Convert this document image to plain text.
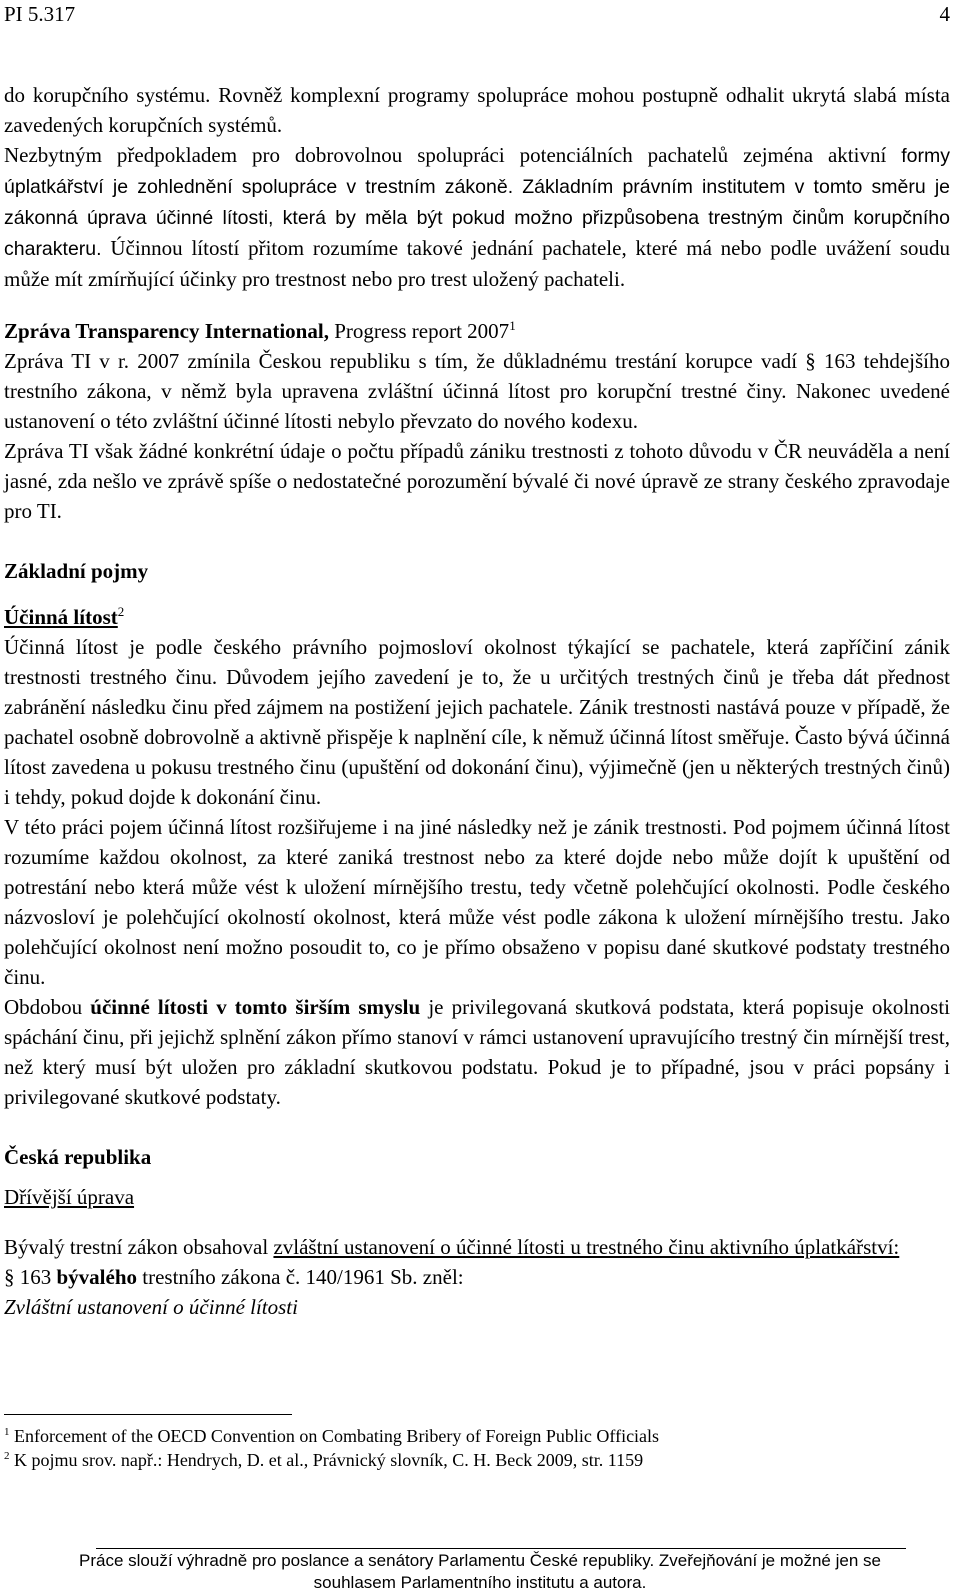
PI 5.317	4

do korupčního systému. Rovněž komplexní programy spolupráce mohou postupně odhalit ukrytá slabá místa zavedených korupčních systémů.
Nezbytným předpokladem pro dobrovolnou spolupráci potenciálních pachatelů zejména aktivní formy úplatkářství je zohlednění spolupráce v trestním zákoně. Základním právním institutem v tomto směru je zákonná úprava účinné lítosti, která by měla být pokud možno přizpůsobena trestným činům korupčního charakteru. Účinnou lítostí přitom rozumíme takové jednání pachatele, které má nebo podle uvážení soudu může mít zmírňující účinky pro trestnost nebo pro trest uložený pachateli.

Zpráva Transparency International, Progress report 2007$^1$

Zpráva TI v r. 2007 zmínila Českou republiku s tím, že důkladnému trestání korupce vadí § 163 tehdejšího trestního zákona, v němž byla upravena zvláštní účinná lítost pro korupční trestné činy. Nakonec uvedené ustanovení o této zvláštní účinné lítosti nebylo převzato do nového kodexu.

Zpráva TI však žádné konkrétní údaje o počtu případů zániku trestnosti z tohoto důvodu v ČR neuváděla a není jasné, zda nešlo ve zprávě spíše o nedostatečné porozumění bývalé či nové úpravě ze strany českého zpravodaje pro TI.

Základní pojmy

Účinná lítost$^2$

Účinná lítost je podle českého právního pojmosloví okolnost týkající se pachatele, která zapříčiní zánik trestnosti trestného činu. Důvodem jejího zavedení je to, že u určitých trestných činů je třeba dát přednost zabránění následku činu před zájmem na postižení jejich pachatele. Zánik trestnosti nastává pouze v případě, že pachatel osobně dobrovolně a aktivně přispěje k naplnění cíle, k němuž účinná lítost směřuje. Často bývá účinná lítost zavedena u pokusu trestného činu (upuštění od dokonání činu), výjimečně (jen u některých trestných činů) i tehdy, pokud dojde k dokonání činu.

V této práci pojem účinná lítost rozšiřujeme i na jiné následky než je zánik trestnosti. Pod pojmem účinná lítost rozumíme každou okolnost, za které zaniká trestnost nebo za které dojde nebo může dojít k upuštění od potrestání nebo která může vést k uložení mírnějšího trestu, tedy včetně polehčující okolnosti. Podle českého názvosloví je polehčující okolností okolnost, která může vést podle zákona k uložení mírnějšího trestu. Jako polehčující okolnost není možno posoudit to, co je přímo obsaženo v popisu dané skutkové podstaty trestného činu.

Obdobou účinné lítosti v tomto širším smyslu je privilegovaná skutková podstata, která popisuje okolnosti spáchání činu, při jejichž splnění zákon přímo stanoví v rámci ustanovení upravujícího trestný čin mírnější trest, než který musí být uložen pro základní skutkovou podstatu. Pokud je to případné, jsou v práci popsány i privilegované skutkové podstaty.

Česká republika

Dřívější úprava

Bývalý trestní zákon obsahoval zvláštní ustanovení o účinné lítosti u trestného činu aktivního úplatkářství:

§ 163 bývalého trestního zákona č. 140/1961 Sb. zněl:

Zvláštní ustanovení o účinné lítosti

$^1$ Enforcement of the OECD Convention on Combating Bribery of Foreign Public Officials
$^2$ K pojmu srov. např.: Hendrych, D. et al., Právnický slovník, C. H. Beck 2009, str. 1159
Práce slouží výhradně pro poslance a senátory Parlamentu České republiky. Zveřejňování je možné jen se souhlasem Parlamentního institutu a autora.
